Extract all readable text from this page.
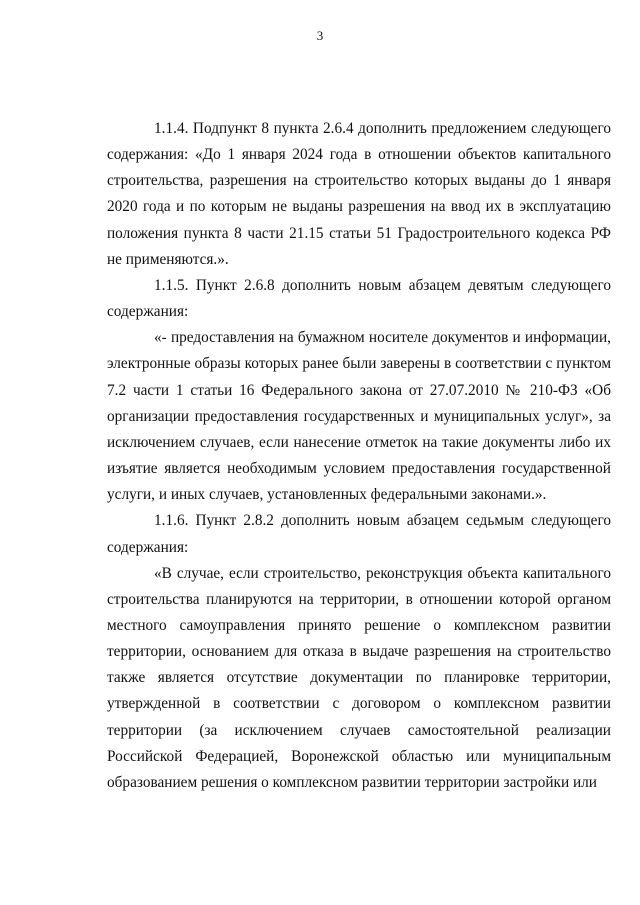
3

1.1.4. Подпункт 8 пункта 2.6.4 дополнить предложением следующего содержания: «До 1 января 2024 года в отношении объектов капитального строительства, разрешения на строительство которых выданы до 1 января 2020 года и по которым не выданы разрешения на ввод их в эксплуатацию положения пункта 8 части 21.15 статьи 51 Градостроительного кодекса РФ не применяются.».

1.1.5. Пункт 2.6.8 дополнить новым абзацем девятым следующего содержания:

«- предоставления на бумажном носителе документов и информации, электронные образы которых ранее были заверены в соответствии с пунктом 7.2 части 1 статьи 16 Федерального закона от 27.07.2010 № 210-ФЗ «Об организации предоставления государственных и муниципальных услуг», за исключением случаев, если нанесение отметок на такие документы либо их изъятие является необходимым условием предоставления государственной услуги, и иных случаев, установленных федеральными законами.».

1.1.6. Пункт 2.8.2 дополнить новым абзацем седьмым следующего содержания:

«В случае, если строительство, реконструкция объекта капитального строительства планируются на территории, в отношении которой органом местного самоуправления принято решение о комплексном развитии территории, основанием для отказа в выдаче разрешения на строительство также является отсутствие документации по планировке территории, утвержденной в соответствии с договором о комплексном развитии территории (за исключением случаев самостоятельной реализации Российской Федерацией, Воронежской областью или муниципальным образованием решения о комплексном развитии территории застройки или
